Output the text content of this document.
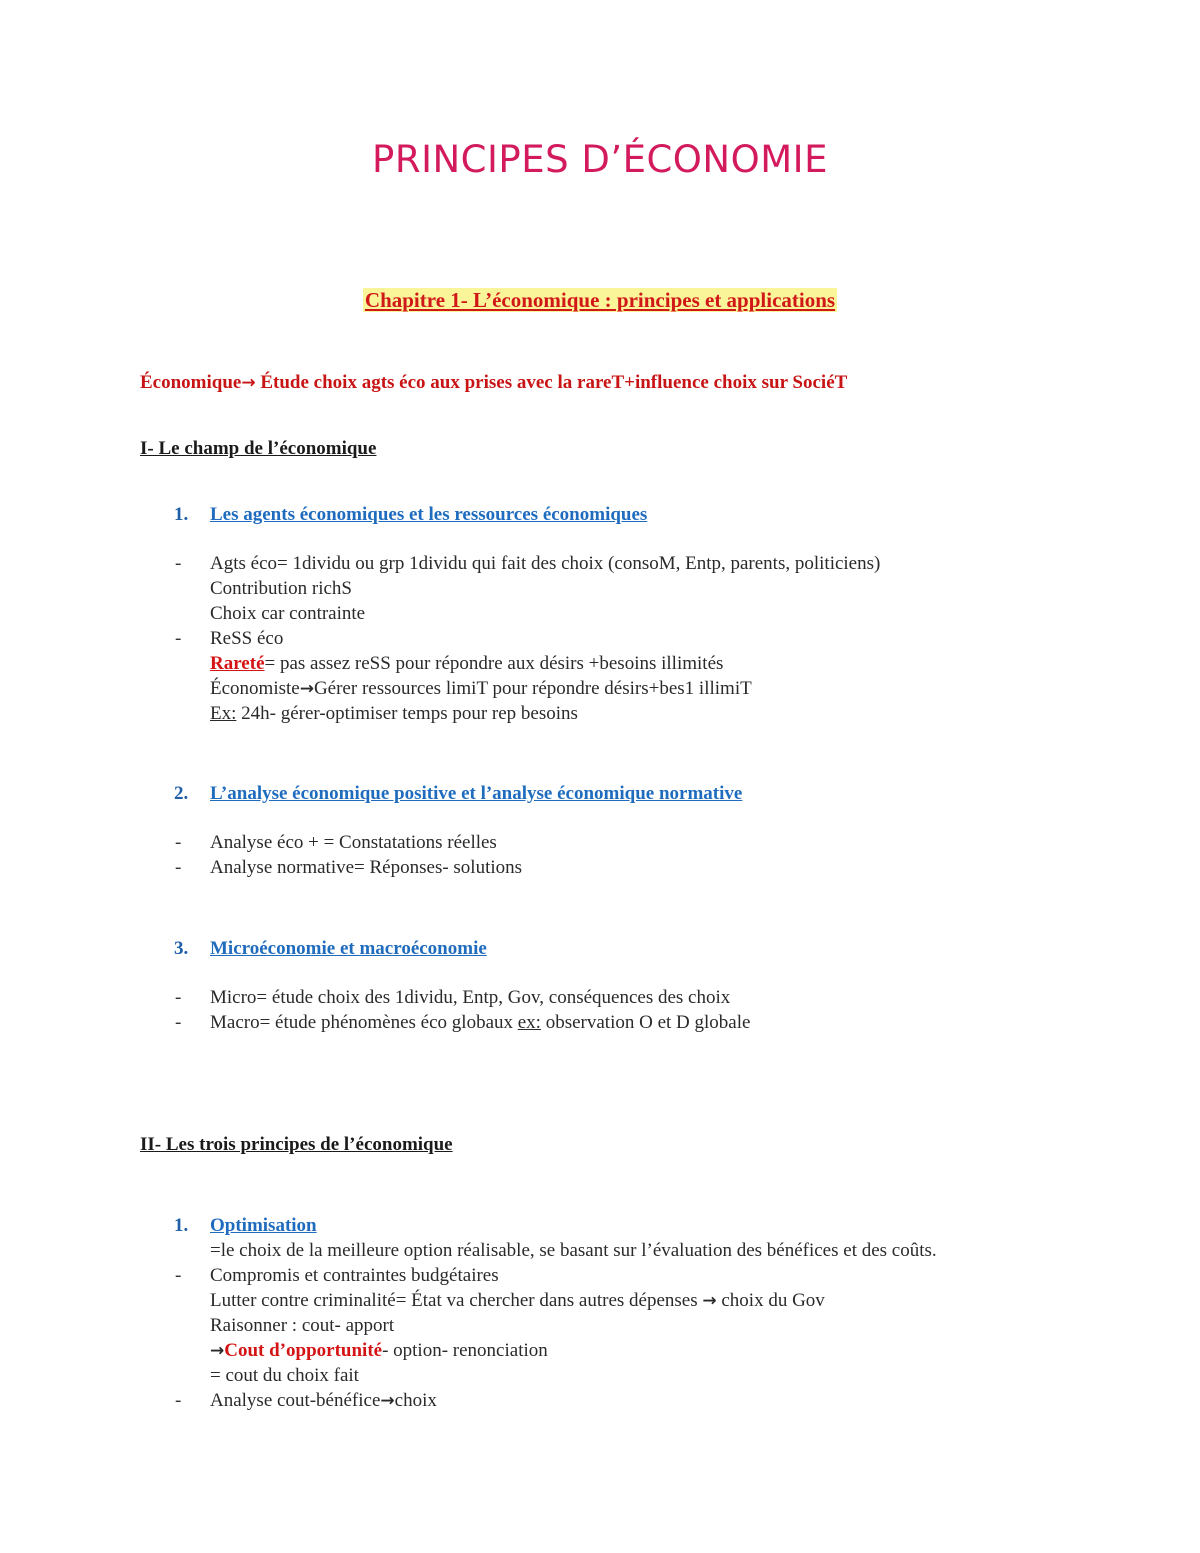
PRINCIPES D’ÉCONOMIE
Chapitre 1- L’économique : principes et applications
Économique→ Étude choix agts éco aux prises avec la rareT+influence choix sur SociéT
I- Le champ de l’économique
1. Les agents économiques et les ressources économiques
- Agts éco= 1dividu ou grp 1dividu qui fait des choix (consoM, Entp, parents, politiciens)
Contribution richS
Choix car contrainte
- ReSS éco
Rareté= pas assez reSS pour répondre aux désirs +besoins illimités
Économiste→Gérer ressources limiT pour répondre désirs+bes1 illimiT
Ex: 24h- gérer-optimiser temps pour rep besoins
2. L’analyse économique positive et l’analyse économique normative
- Analyse éco + = Constatations réelles
- Analyse normative= Réponses- solutions
3. Microéconomie et macroéconomie
- Micro= étude choix des 1dividu, Entp, Gov, conséquences des choix
- Macro= étude phénomènes éco globaux ex: observation O et D globale
II- Les trois principes de l’économique
1. Optimisation
=le choix de la meilleure option réalisable, se basant sur l’évaluation des bénéfices et des coûts.
- Compromis et contraintes budgétaires
Lutter contre criminalité= État va chercher dans autres dépenses → choix du Gov
Raisonner : cout- apport
→Cout d’opportunité- option- renonciation
= cout du choix fait
- Analyse cout-bénéfice→choix
